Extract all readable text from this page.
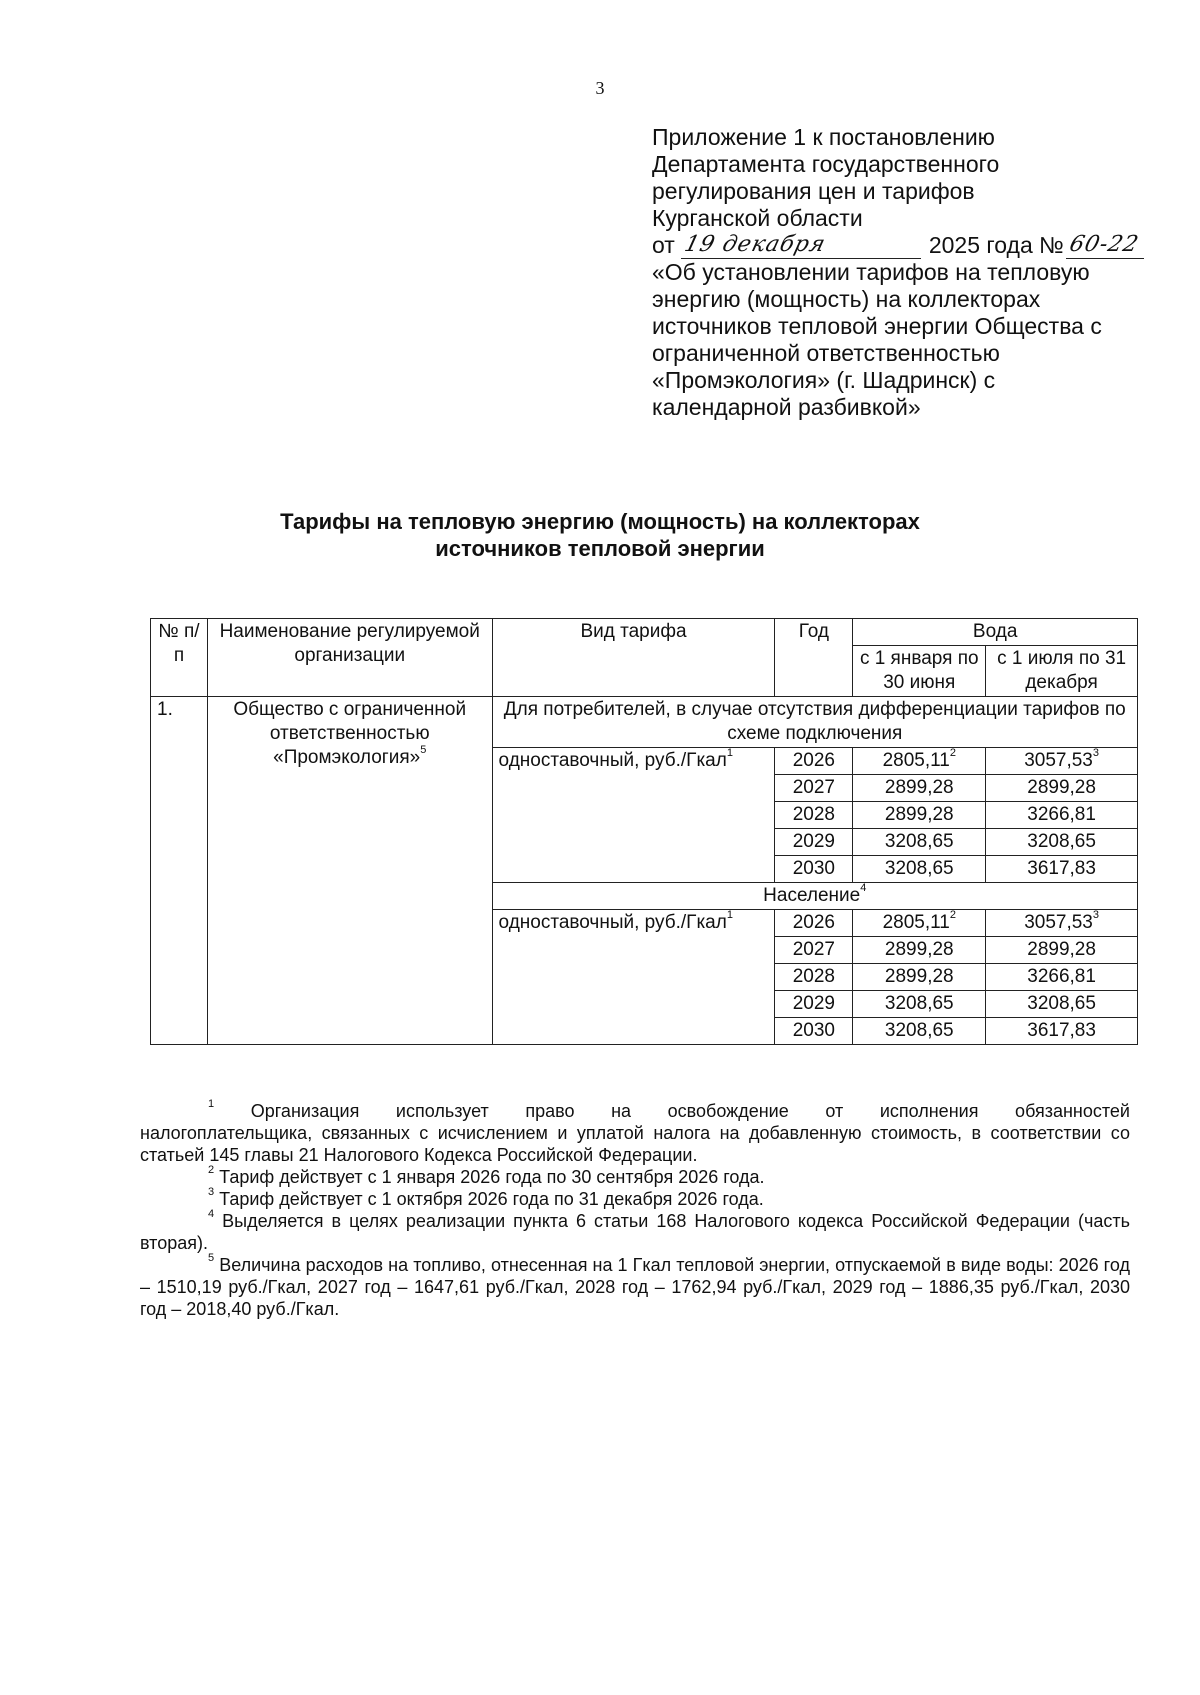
3
Приложение 1 к постановлению
Департамента государственного
регулирования цен и тарифов
Курганской области
от 19 декабря	2025 года № 60-22
«Об установлении тарифов на тепловую
энергию (мощность) на коллекторах
источников тепловой энергии Общества с
ограниченной ответственностью
«Промэкология» (г. Шадринск) с
календарной разбивкой»
Тарифы на тепловую энергию (мощность) на коллекторах
источников тепловой энергии
№ п/п	Наименование регулируемой организации	Вид тарифа	Год	Вода	
				с 1 января по 30 июня	с 1 июля по 31 декабря
1.	Общество с ограниченной ответственностью «Промэкология»$^5$	Для потребителей, в случае отсутствия дифференциации тарифов по схеме подключения			
		одноставочный, руб./Гкал$^1$	2026	2805,11$^2$	3057,53$^3$
			2027	2899,28	2899,28
			2028	2899,28	3266,81
			2029	3208,65	3208,65
			2030	3208,65	3617,83
		Население$^4$
		одноставочный, руб./Гкал$^1$	2026	2805,11$^2$	3057,53$^3$
			2027	2899,28	2899,28
			2028	2899,28	3266,81
			2029	3208,65	3208,65
			2030	3208,65	3617,83

$^1$ Организация использует право на освобождение от исполнения обязанностей

налогоплательщика, связанных с исчислением и уплатой налога на добавленную стоимость, в соответствии со статьей 145 главы 21 Налогового Кодекса Российской Федерации.

$^2$ Тариф действует с 1 января 2026 года по 30 сентября 2026 года.

$^3$ Тариф действует с 1 октября 2026 года по 31 декабря 2026 года.

$^4$ Выделяется в целях реализации пункта 6 статьи 168 Налогового кодекса Российской Федерации (часть вторая).

$^5$ Величина расходов на топливо, отнесенная на 1 Гкал тепловой энергии, отпускаемой в виде воды: 2026 год – 1510,19 руб./Гкал, 2027 год – 1647,61 руб./Гкал, 2028 год – 1762,94 руб./Гкал, 2029 год – 1886,35 руб./Гкал, 2030 год – 2018,40 руб./Гкал.
